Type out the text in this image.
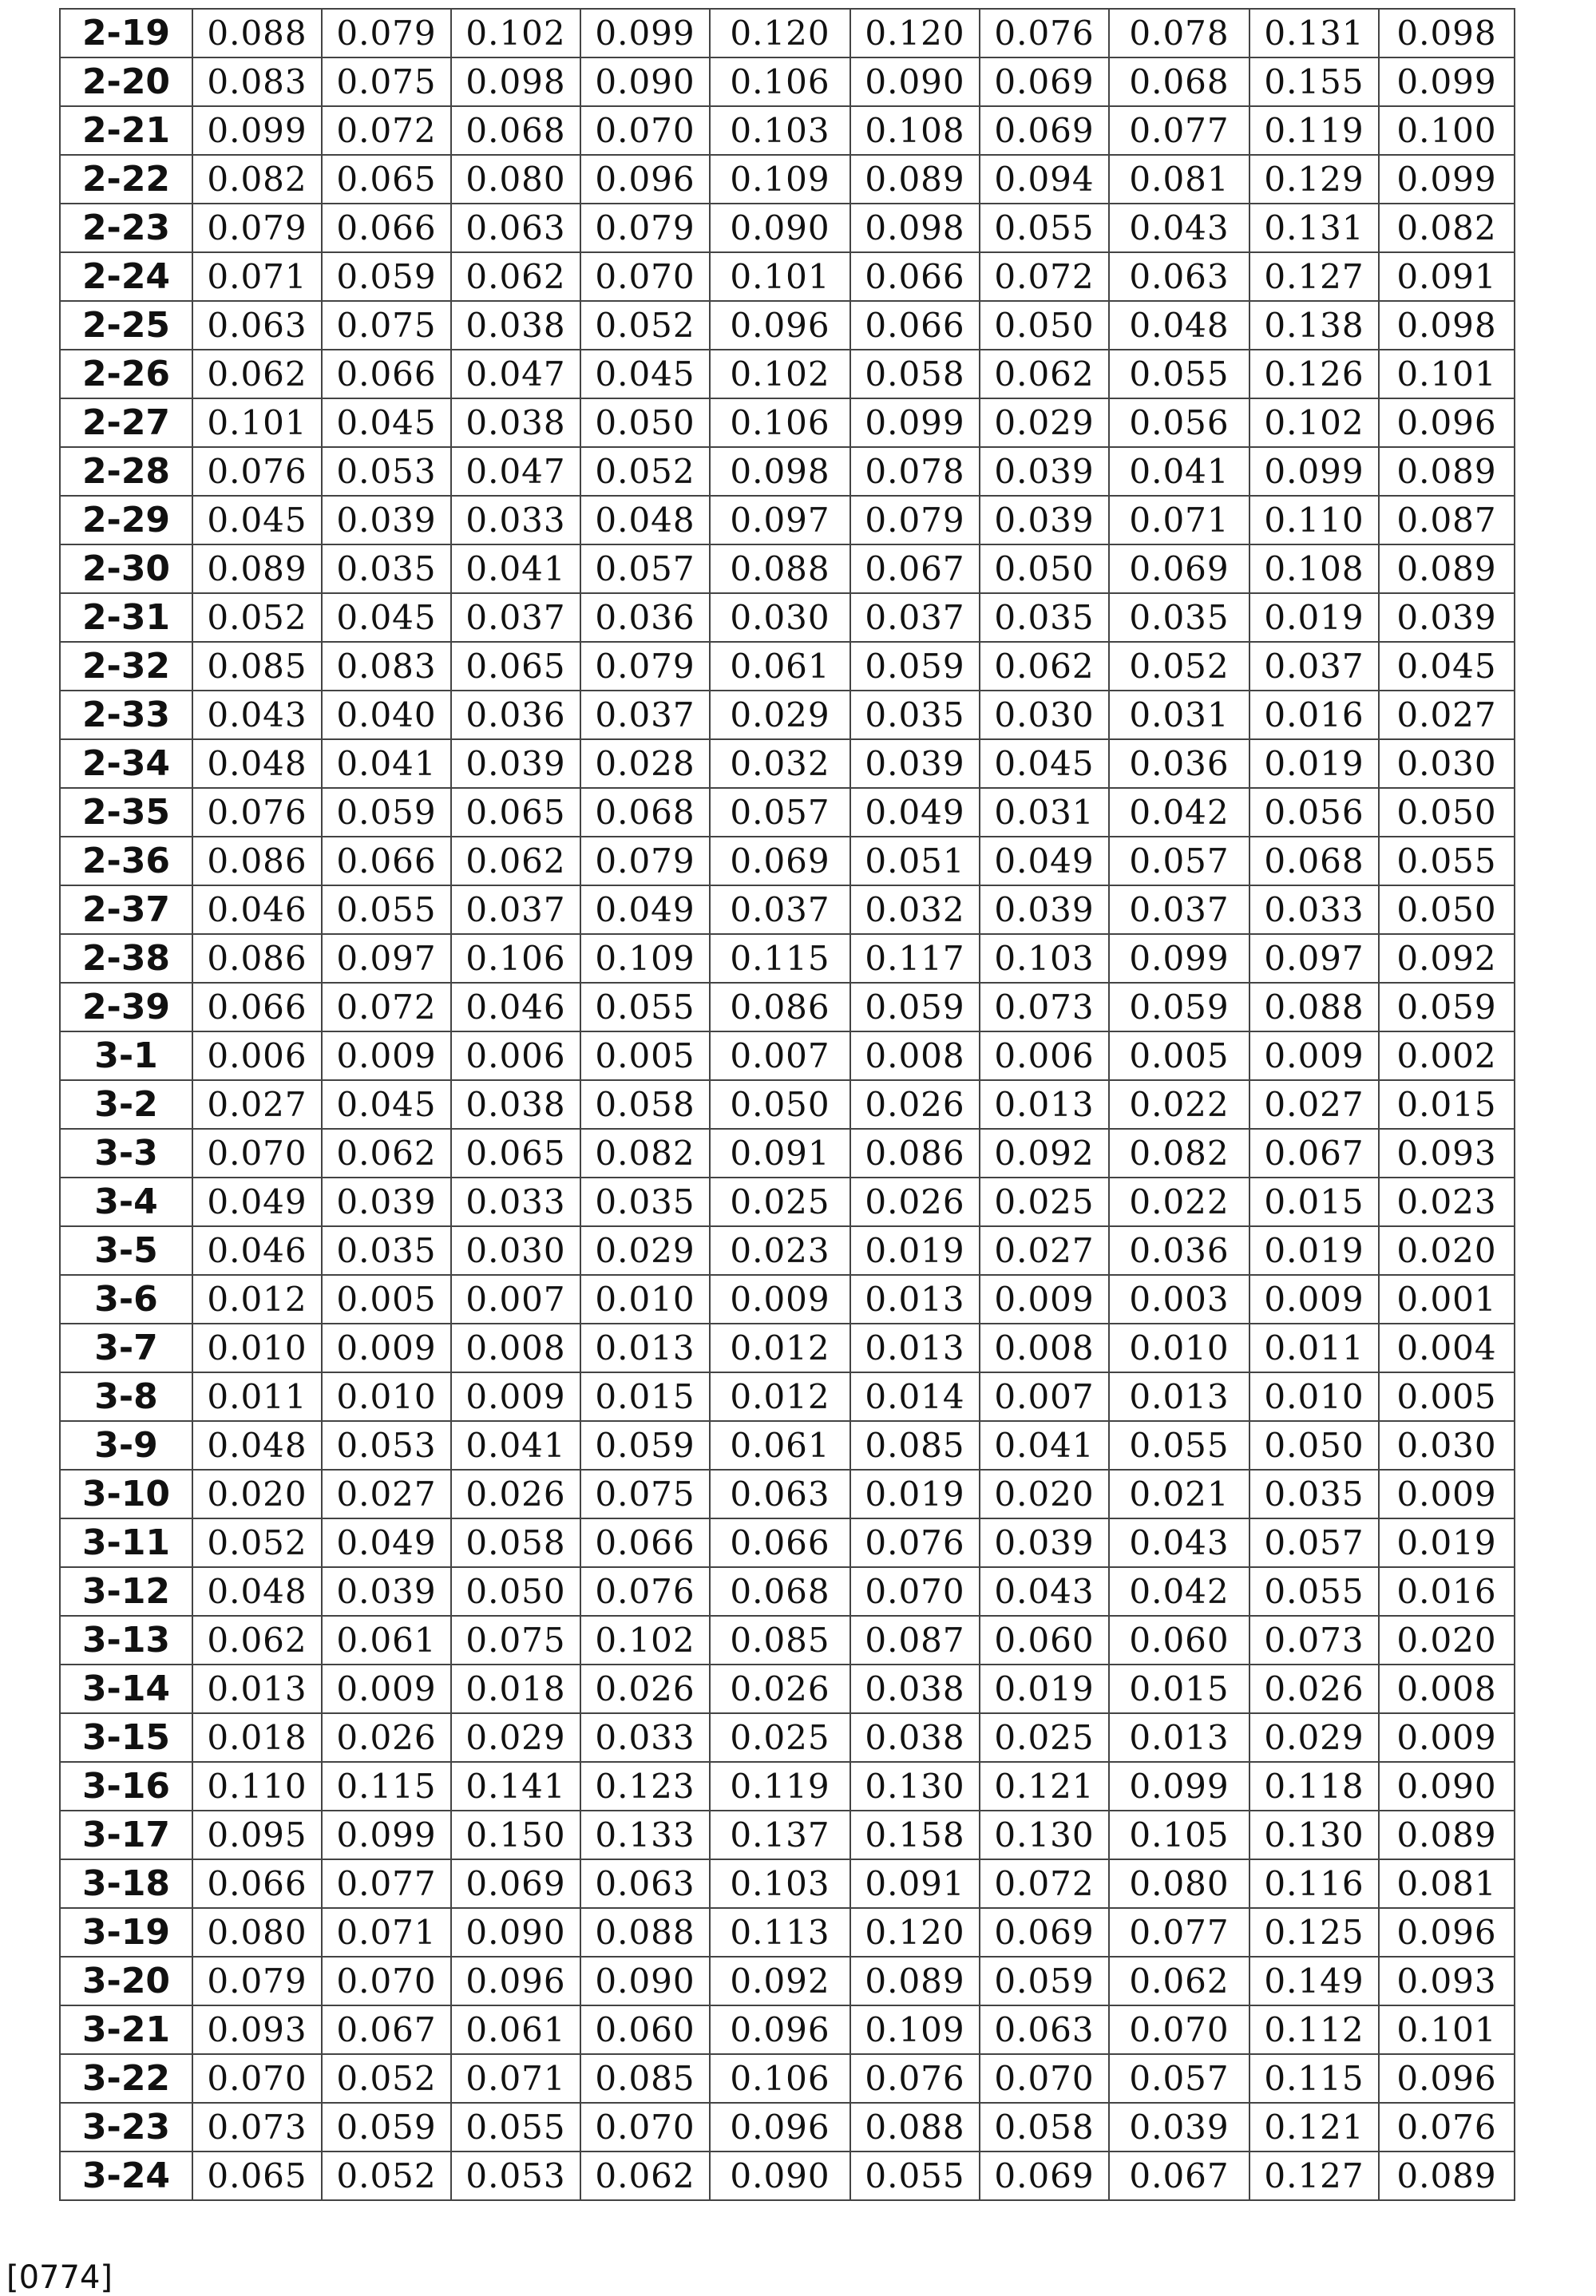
2-19	0.088	0.079	0.102	0.099	0.120	0.120	0.076	0.078	0.131	0.098
2-20	0.083	0.075	0.098	0.090	0.106	0.090	0.069	0.068	0.155	0.099
2-21	0.099	0.072	0.068	0.070	0.103	0.108	0.069	0.077	0.119	0.100
2-22	0.082	0.065	0.080	0.096	0.109	0.089	0.094	0.081	0.129	0.099
2-23	0.079	0.066	0.063	0.079	0.090	0.098	0.055	0.043	0.131	0.082
2-24	0.071	0.059	0.062	0.070	0.101	0.066	0.072	0.063	0.127	0.091
2-25	0.063	0.075	0.038	0.052	0.096	0.066	0.050	0.048	0.138	0.098
2-26	0.062	0.066	0.047	0.045	0.102	0.058	0.062	0.055	0.126	0.101
2-27	0.101	0.045	0.038	0.050	0.106	0.099	0.029	0.056	0.102	0.096
2-28	0.076	0.053	0.047	0.052	0.098	0.078	0.039	0.041	0.099	0.089
2-29	0.045	0.039	0.033	0.048	0.097	0.079	0.039	0.071	0.110	0.087
2-30	0.089	0.035	0.041	0.057	0.088	0.067	0.050	0.069	0.108	0.089
2-31	0.052	0.045	0.037	0.036	0.030	0.037	0.035	0.035	0.019	0.039
2-32	0.085	0.083	0.065	0.079	0.061	0.059	0.062	0.052	0.037	0.045
2-33	0.043	0.040	0.036	0.037	0.029	0.035	0.030	0.031	0.016	0.027
2-34	0.048	0.041	0.039	0.028	0.032	0.039	0.045	0.036	0.019	0.030
2-35	0.076	0.059	0.065	0.068	0.057	0.049	0.031	0.042	0.056	0.050
2-36	0.086	0.066	0.062	0.079	0.069	0.051	0.049	0.057	0.068	0.055
2-37	0.046	0.055	0.037	0.049	0.037	0.032	0.039	0.037	0.033	0.050
2-38	0.086	0.097	0.106	0.109	0.115	0.117	0.103	0.099	0.097	0.092
2-39	0.066	0.072	0.046	0.055	0.086	0.059	0.073	0.059	0.088	0.059
3-1	0.006	0.009	0.006	0.005	0.007	0.008	0.006	0.005	0.009	0.002
3-2	0.027	0.045	0.038	0.058	0.050	0.026	0.013	0.022	0.027	0.015
3-3	0.070	0.062	0.065	0.082	0.091	0.086	0.092	0.082	0.067	0.093
3-4	0.049	0.039	0.033	0.035	0.025	0.026	0.025	0.022	0.015	0.023
3-5	0.046	0.035	0.030	0.029	0.023	0.019	0.027	0.036	0.019	0.020
3-6	0.012	0.005	0.007	0.010	0.009	0.013	0.009	0.003	0.009	0.001
3-7	0.010	0.009	0.008	0.013	0.012	0.013	0.008	0.010	0.011	0.004
3-8	0.011	0.010	0.009	0.015	0.012	0.014	0.007	0.013	0.010	0.005
3-9	0.048	0.053	0.041	0.059	0.061	0.085	0.041	0.055	0.050	0.030
3-10	0.020	0.027	0.026	0.075	0.063	0.019	0.020	0.021	0.035	0.009
3-11	0.052	0.049	0.058	0.066	0.066	0.076	0.039	0.043	0.057	0.019
3-12	0.048	0.039	0.050	0.076	0.068	0.070	0.043	0.042	0.055	0.016
3-13	0.062	0.061	0.075	0.102	0.085	0.087	0.060	0.060	0.073	0.020
3-14	0.013	0.009	0.018	0.026	0.026	0.038	0.019	0.015	0.026	0.008
3-15	0.018	0.026	0.029	0.033	0.025	0.038	0.025	0.013	0.029	0.009
3-16	0.110	0.115	0.141	0.123	0.119	0.130	0.121	0.099	0.118	0.090
3-17	0.095	0.099	0.150	0.133	0.137	0.158	0.130	0.105	0.130	0.089
3-18	0.066	0.077	0.069	0.063	0.103	0.091	0.072	0.080	0.116	0.081
3-19	0.080	0.071	0.090	0.088	0.113	0.120	0.069	0.077	0.125	0.096
3-20	0.079	0.070	0.096	0.090	0.092	0.089	0.059	0.062	0.149	0.093
3-21	0.093	0.067	0.061	0.060	0.096	0.109	0.063	0.070	0.112	0.101
3-22	0.070	0.052	0.071	0.085	0.106	0.076	0.070	0.057	0.115	0.096
3-23	0.073	0.059	0.055	0.070	0.096	0.088	0.058	0.039	0.121	0.076
3-24	0.065	0.052	0.053	0.062	0.090	0.055	0.069	0.067	0.127	0.089
[0774]
